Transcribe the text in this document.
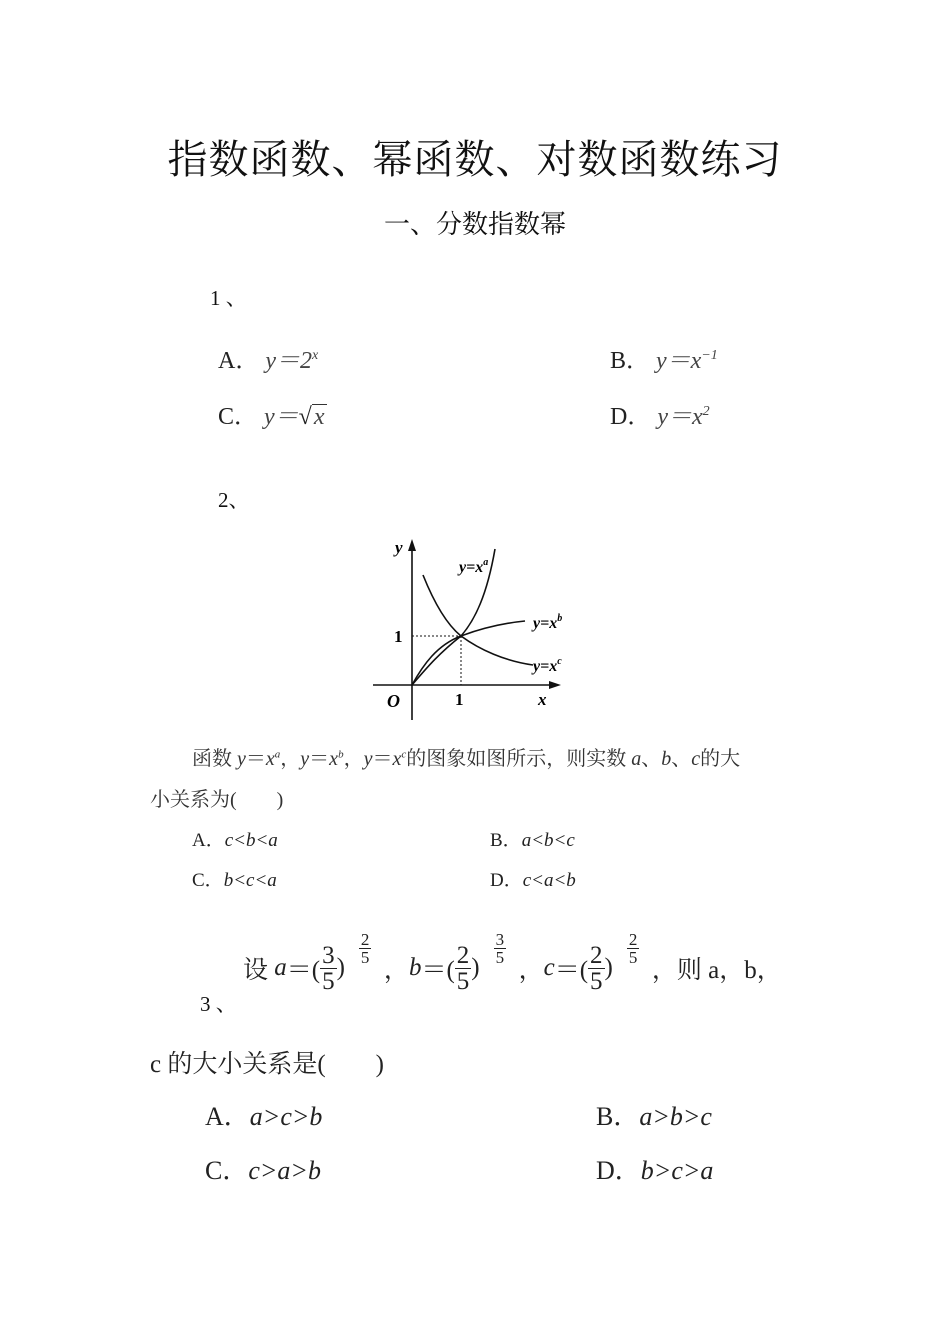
指数函数、幂函数、对数函数练习
一、分数指数幂
1 、
A． $y=2^x$	B． $y=x^{-1}$
C． y＝√x	D． $y=x^2$
2、
y
x
O	1
1
$y=x^a$
$y=x^b$
$y=x^c$
函数 $y=x^a$，$y=x^b$，$y=x^c$的图象如图所示，则实数 a、b、c的大
小关系为(　　)
A．c<b<a	B．a<b<c
C．b<c<a	D．c<a<b
3 、
设
a ＝( $\frac{3}{5}$ )
$\frac{2}{5}$
， b ＝( $\frac{2}{5}$ )
$\frac{3}{5}$
， c ＝( $\frac{2}{5}$ )
$\frac{2}{5}$

，则 a，b，
c 的大小关系是(　　)
A．a>c>b	B．a>b>c
C．c>a>b	D．b>c>a
